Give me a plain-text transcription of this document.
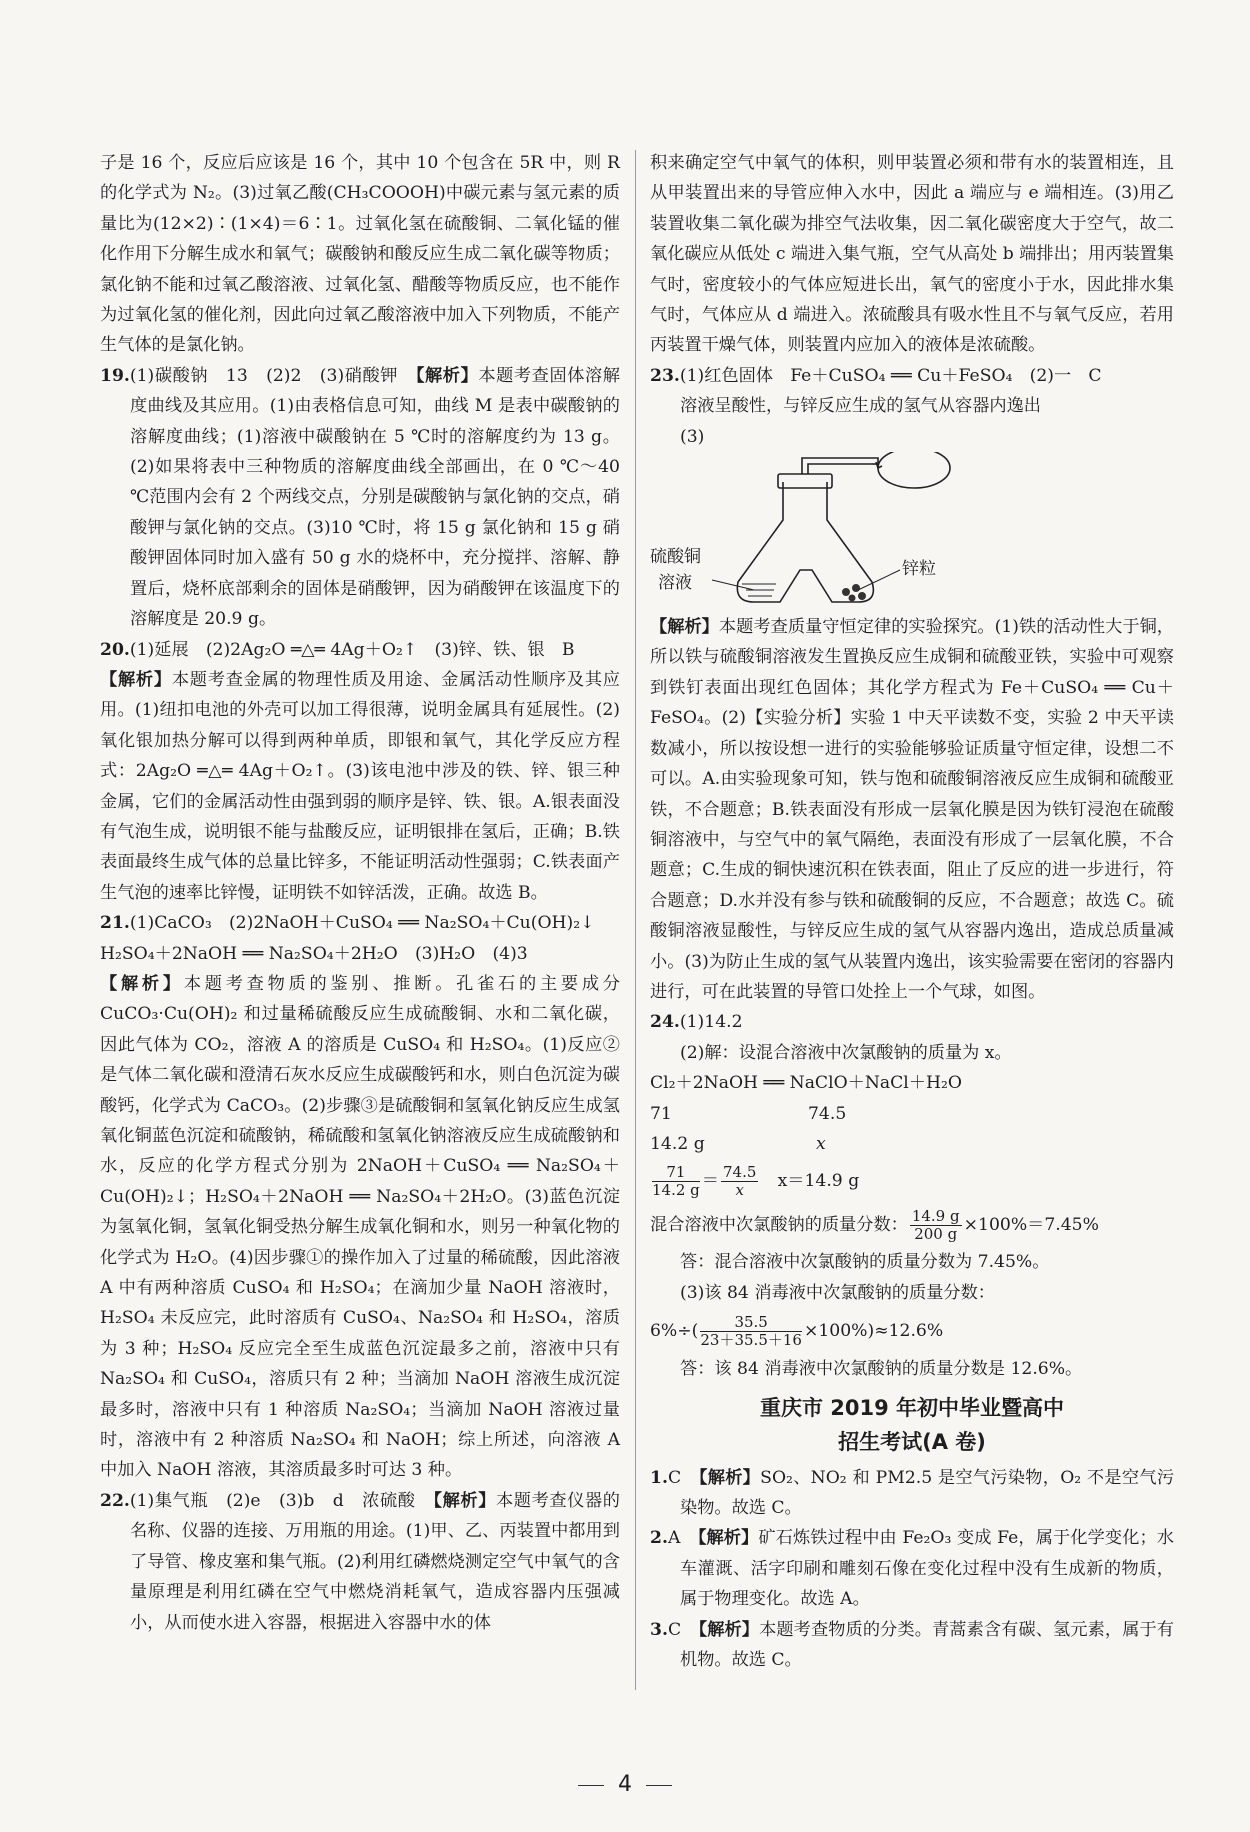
子是 16 个，反应后应该是 16 个，其中 10 个包含在 5R 中，则 R 的化学式为 N₂。(3)过氧乙酸(CH₃COOOH)中碳元素与氢元素的质量比为(12×2)∶(1×4)＝6∶1。过氧化氢在硫酸铜、二氧化锰的催化作用下分解生成水和氧气；碳酸钠和酸反应生成二氧化碳等物质；氯化钠不能和过氧乙酸溶液、过氧化氢、醋酸等物质反应，也不能作为过氧化氢的催化剂，因此向过氧乙酸溶液中加入下列物质，不能产生气体的是氯化钠。

19.(1)碳酸钠　13　(2)2　(3)硝酸钾　 【解析】本题考查固体溶解度曲线及其应用。(1)由表格信息可知，曲线 M 是表中碳酸钠的溶解度曲线；(1)溶液中碳酸钠在 5 ℃时的溶解度约为 13 g。(2)如果将表中三种物质的溶解度曲线全部画出，在 0 ℃～40 ℃范围内会有 2 个两线交点，分别是碳酸钠与氯化钠的交点，硝酸钾与氯化钠的交点。(3)10 ℃时，将 15 g 氯化钠和 15 g 硝酸钾固体同时加入盛有 50 g 水的烧杯中，充分搅拌、溶解、静置后，烧杯底部剩余的固体是硝酸钾，因为硝酸钾在该温度下的溶解度是 20.9 g。

20.(1)延展　(2)2Ag₂O ═△═ 4Ag＋O₂↑　(3)锌、铁、银　B

【解析】本题考查金属的物理性质及用途、金属活动性顺序及其应用。(1)纽扣电池的外壳可以加工得很薄，说明金属具有延展性。(2)氧化银加热分解可以得到两种单质，即银和氧气，其化学反应方程式：2Ag₂O ═△═ 4Ag＋O₂↑。(3)该电池中涉及的铁、锌、银三种金属，它们的金属活动性由强到弱的顺序是锌、铁、银。A.银表面没有气泡生成，说明银不能与盐酸反应，证明银排在氢后，正确；B.铁表面最终生成气体的总量比锌多，不能证明活动性强弱；C.铁表面产生气泡的速率比锌慢，证明铁不如锌活泼，正确。故选 B。

21.(1)CaCO₃　(2)2NaOH＋CuSO₄ ══ Na₂SO₄＋Cu(OH)₂↓

H₂SO₄＋2NaOH ══ Na₂SO₄＋2H₂O　(3)H₂O　(4)3

【解析】本题考查物质的鉴别、推断。孔雀石的主要成分 CuCO₃·Cu(OH)₂ 和过量稀硫酸反应生成硫酸铜、水和二氧化碳，因此气体为 CO₂，溶液 A 的溶质是 CuSO₄ 和 H₂SO₄。(1)反应②是气体二氧化碳和澄清石灰水反应生成碳酸钙和水，则白色沉淀为碳酸钙，化学式为 CaCO₃。(2)步骤③是硫酸铜和氢氧化钠反应生成氢氧化铜蓝色沉淀和硫酸钠，稀硫酸和氢氧化钠溶液反应生成硫酸钠和水，反应的化学方程式分别为 2NaOH＋CuSO₄ ══ Na₂SO₄＋Cu(OH)₂↓；H₂SO₄＋2NaOH ══ Na₂SO₄＋2H₂O。(3)蓝色沉淀为氢氧化铜，氢氧化铜受热分解生成氧化铜和水，则另一种氧化物的化学式为 H₂O。(4)因步骤①的操作加入了过量的稀硫酸，因此溶液 A 中有两种溶质 CuSO₄ 和 H₂SO₄；在滴加少量 NaOH 溶液时，H₂SO₄ 未反应完，此时溶质有 CuSO₄、Na₂SO₄ 和 H₂SO₄，溶质为 3 种；H₂SO₄ 反应完全至生成蓝色沉淀最多之前，溶液中只有 Na₂SO₄ 和 CuSO₄，溶质只有 2 种；当滴加 NaOH 溶液生成沉淀最多时，溶液中只有 1 种溶质 Na₂SO₄；当滴加 NaOH 溶液过量时，溶液中有 2 种溶质 Na₂SO₄ 和 NaOH；综上所述，向溶液 A 中加入 NaOH 溶液，其溶质最多时可达 3 种。

22.(1)集气瓶　(2)e　(3)b　d　浓硫酸　 【解析】本题考查仪器的名称、仪器的连接、万用瓶的用途。(1)甲、乙、丙装置中都用到了导管、橡皮塞和集气瓶。(2)利用红磷燃烧测定空气中氧气的含量原理是利用红磷在空气中燃烧消耗氧气，造成容器内压强减小，从而使水进入容器，根据进入容器中水的体

积来确定空气中氧气的体积，则甲装置必须和带有水的装置相连，且从甲装置出来的导管应伸入水中，因此 a 端应与 e 端相连。(3)用乙装置收集二氧化碳为排空气法收集，因二氧化碳密度大于空气，故二氧化碳应从低处 c 端进入集气瓶，空气从高处 b 端排出；用丙装置集气时，密度较小的气体应短进长出，氧气的密度小于水，因此排水集气时，气体应从 d 端进入。浓硫酸具有吸水性且不与氧气反应，若用丙装置干燥气体，则装置内应加入的液体是浓硫酸。

23.(1)红色固体　Fe＋CuSO₄ ══ Cu＋FeSO₄　(2)一　C

溶液呈酸性，与锌反应生成的氢气从容器内逸出

(3)

硫酸铜
溶液
锌粒

【解析】本题考查质量守恒定律的实验探究。(1)铁的活动性大于铜，所以铁与硫酸铜溶液发生置换反应生成铜和硫酸亚铁，实验中可观察到铁钉表面出现红色固体；其化学方程式为 Fe＋CuSO₄ ══ Cu＋FeSO₄。(2)【实验分析】实验 1 中天平读数不变，实验 2 中天平读数减小，所以按设想一进行的实验能够验证质量守恒定律，设想二不可以。A.由实验现象可知，铁与饱和硫酸铜溶液反应生成铜和硫酸亚铁，不合题意；B.铁表面没有形成一层氧化膜是因为铁钉浸泡在硫酸铜溶液中，与空气中的氧气隔绝，表面没有形成了一层氧化膜，不合题意；C.生成的铜快速沉积在铁表面，阻止了反应的进一步进行，符合题意；D.水并没有参与铁和硫酸铜的反应，不合题意；故选 C。硫酸铜溶液显酸性，与锌反应生成的氢气从容器内逸出，造成总质量减小。(3)为防止生成的氢气从装置内逸出，该实验需要在密闭的容器内进行，可在此装置的导管口处拴上一个气球，如图。

24.(1)14.2

(2)解：设混合溶液中次氯酸钠的质量为 x。

Cl₂＋2NaOH ══ NaClO＋NaCl＋H₂O

71	74.5

14.2 g	x

$\frac{71}{14.2 g} = \frac{74.5}{x}$
　 x＝14.9 g

混合溶液中次氯酸钠的质量分数： $\frac{14.9 g}{200 g} \times 100\%=7.45\%$

答：混合溶液中次氯酸钠的质量分数为 7.45%。

(3)该 84 消毒液中次氯酸钠的质量分数：

$6\%\div( \frac{35.5}{23+35.5+16} \times 100\%)\approx 12.6\%$

答：该 84 消毒液中次氯酸钠的质量分数是 12.6%。

重庆市 2019 年初中毕业暨高中
招生考试(A 卷)

1.C　 【解析】SO₂、NO₂ 和 PM2.5 是空气污染物，O₂ 不是空气污染物。故选 C。

2.A　 【解析】矿石炼铁过程中由 Fe₂O₃ 变成 Fe，属于化学变化；水车灌溉、活字印刷和雕刻石像在变化过程中没有生成新的物质，属于物理变化。故选 A。

3.C　 【解析】本题考查物质的分类。青蒿素含有碳、氢元素，属于有机物。故选 C。

4
